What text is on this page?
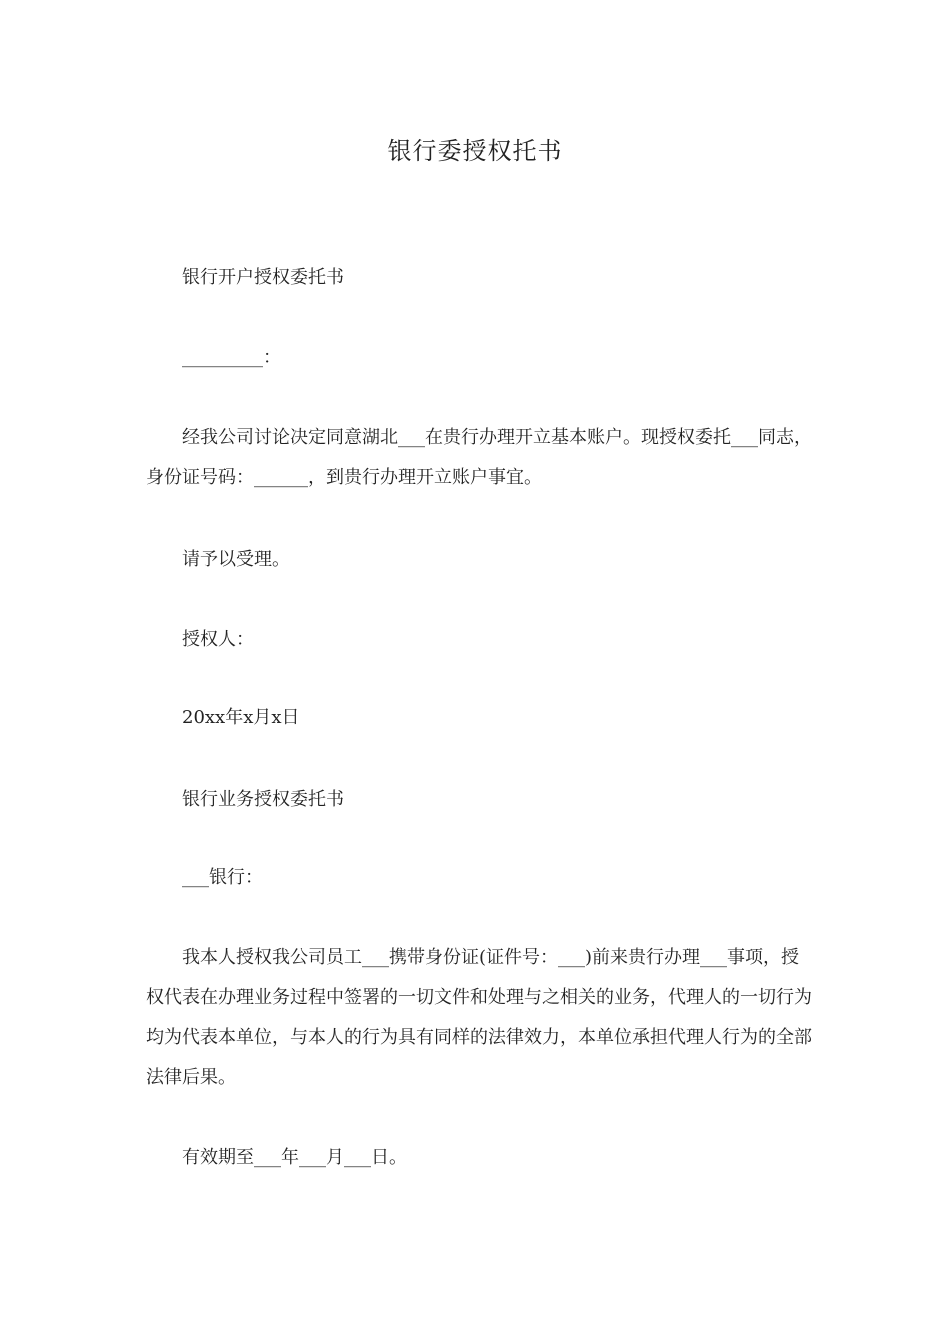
银行委授权托书

银行开户授权委托书

_________：

经我公司讨论决定同意湖北___在贵行办理开立基本账户。现授权委托___同志，身份证号码：______，到贵行办理开立账户事宜。

请予以受理。

授权人：

20xx年x月x日

银行业务授权委托书

___银行：

我本人授权我公司员工___携带身份证(证件号：___)前来贵行办理___事项，授权代表在办理业务过程中签署的一切文件和处理与之相关的业务，代理人的一切行为均为代表本单位，与本人的行为具有同样的法律效力，本单位承担代理人行为的全部法律后果。

有效期至___年___月___日。
